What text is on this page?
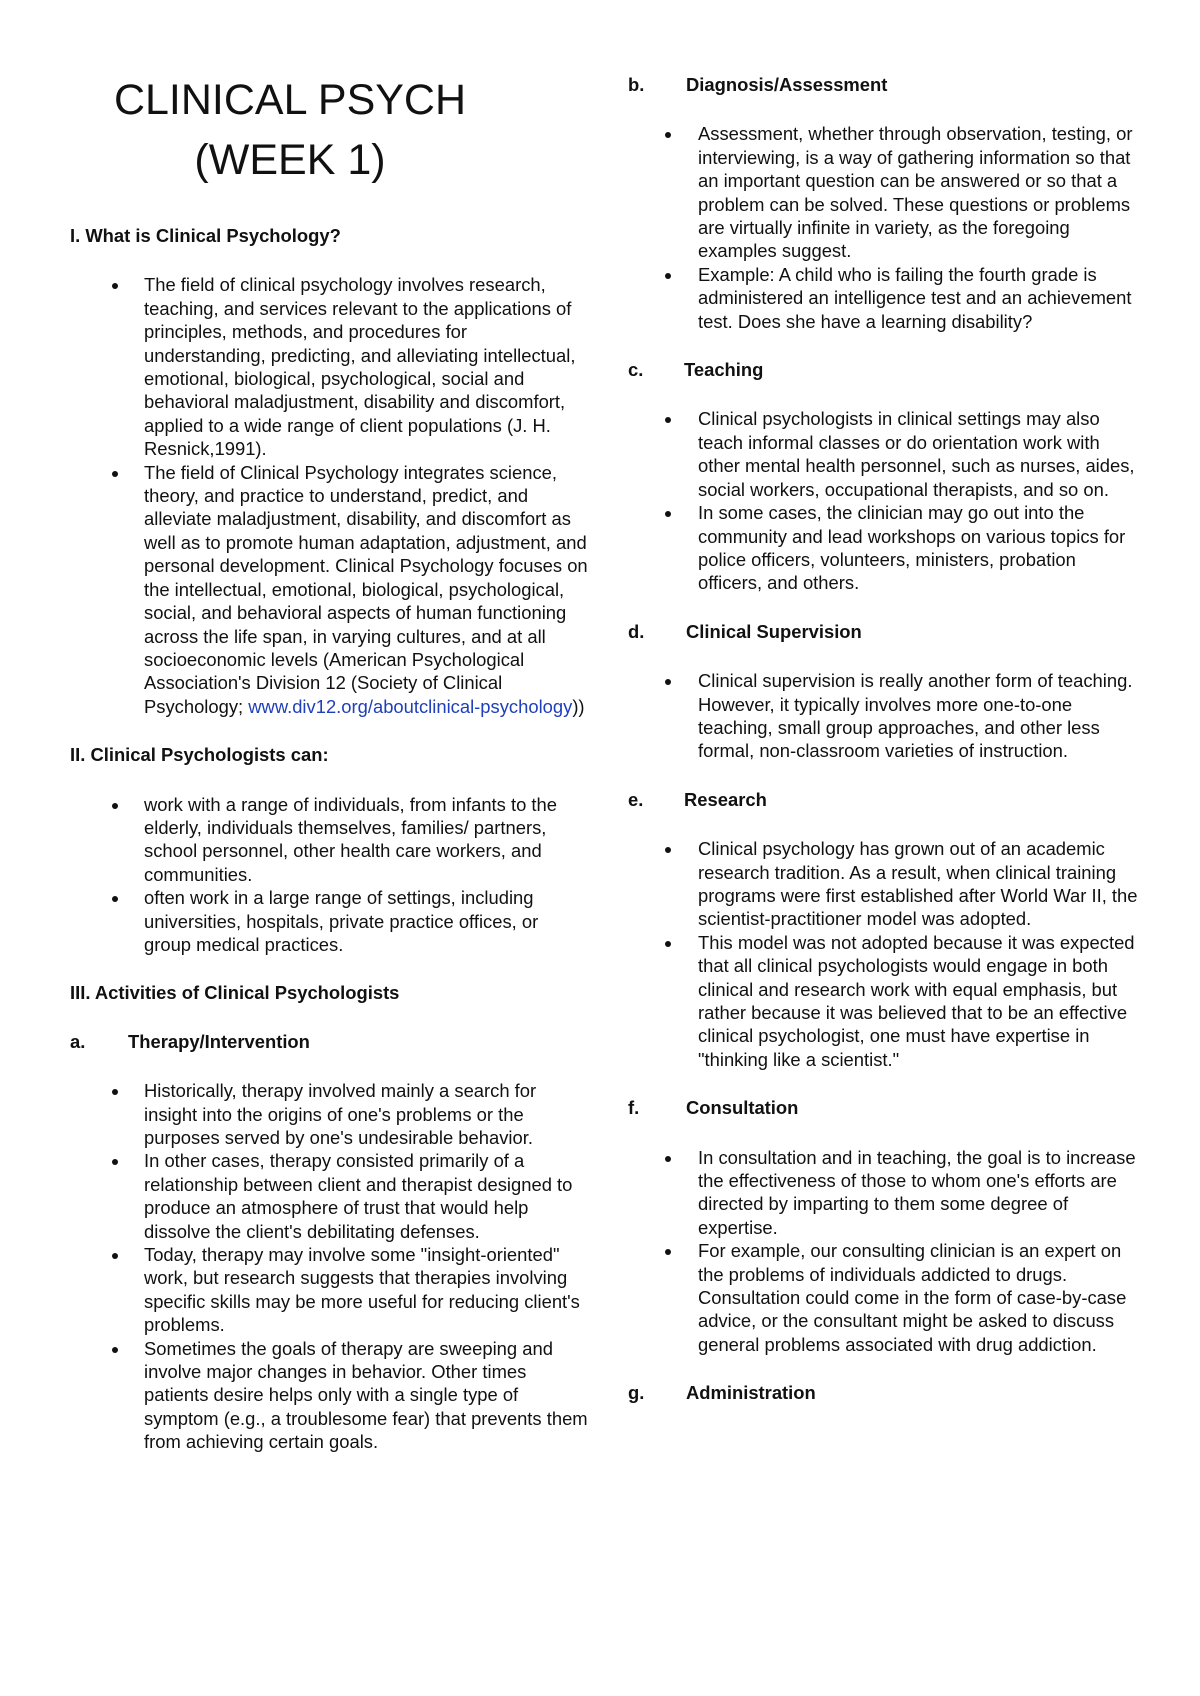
CLINICAL PSYCH
(WEEK 1)

I. What is Clinical Psychology?

The field of clinical psychology involves research, teaching, and services relevant to the applications of principles, methods, and procedures for understanding, predicting, and alleviating intellectual, emotional, biological, psychological, social and behavioral maladjustment, disability and discomfort, applied to a wide range of client populations (J. H. Resnick,1991).
The field of Clinical Psychology integrates science, theory, and practice to understand, predict, and alleviate maladjustment, disability, and discomfort as well as to promote human adaptation, adjustment, and personal development. Clinical Psychology focuses on the intellectual, emotional, biological, psychological, social, and behavioral aspects of human functioning across the life span, in varying cultures, and at all socioeconomic levels (American Psychological Association's Division 12 (Society of Clinical Psychology; www.div12.org/aboutclinical-psychology))

II. Clinical Psychologists can:

work with a range of individuals, from infants to the elderly, individuals themselves, families/ partners, school personnel, other health care workers, and communities.
often work in a large range of settings, including universities, hospitals, private practice offices, or group medical practices.

III. Activities of Clinical Psychologists

a.	Therapy/Intervention

Historically, therapy involved mainly a search for insight into the origins of one's problems or the purposes served by one's undesirable behavior.
In other cases, therapy consisted primarily of a relationship between client and therapist designed to produce an atmosphere of trust that would help dissolve the client's debilitating defenses.
Today, therapy may involve some "insight-oriented" work, but research suggests that therapies involving specific skills may be more useful for reducing client's problems.
Sometimes the goals of therapy are sweeping and involve major changes in behavior. Other times patients desire helps only with a single type of symptom (e.g., a troublesome fear) that prevents them from achieving certain goals.

b.	Diagnosis/Assessment

Assessment, whether through observation, testing, or interviewing, is a way of gathering information so that an important question can be answered or so that a problem can be solved. These questions or problems are virtually infinite in variety, as the foregoing examples suggest.
Example: A child who is failing the fourth grade is administered an intelligence test and an achievement test. Does she have a learning disability?

c.	Teaching

Clinical psychologists in clinical settings may also teach informal classes or do orientation work with other mental health personnel, such as nurses, aides, social workers, occupational therapists, and so on.
In some cases, the clinician may go out into the community and lead workshops on various topics for police officers, volunteers, ministers, probation officers, and others.

d.	Clinical Supervision

Clinical supervision is really another form of teaching. However, it typically involves more one-to-one teaching, small group approaches, and other less formal, non-classroom varieties of instruction.

e.	Research

Clinical psychology has grown out of an academic research tradition. As a result, when clinical training programs were first established after World War II, the scientist-practitioner model was adopted.
This model was not adopted because it was expected that all clinical psychologists would engage in both clinical and research work with equal emphasis, but rather because it was believed that to be an effective clinical psychologist, one must have expertise in "thinking like a scientist."

f.	Consultation

In consultation and in teaching, the goal is to increase the effectiveness of those to whom one's efforts are directed by imparting to them some degree of expertise.
For example, our consulting clinician is an expert on the problems of individuals addicted to drugs. Consultation could come in the form of case-by-case advice, or the consultant might be asked to discuss general problems associated with drug addiction.

g.	Administration
